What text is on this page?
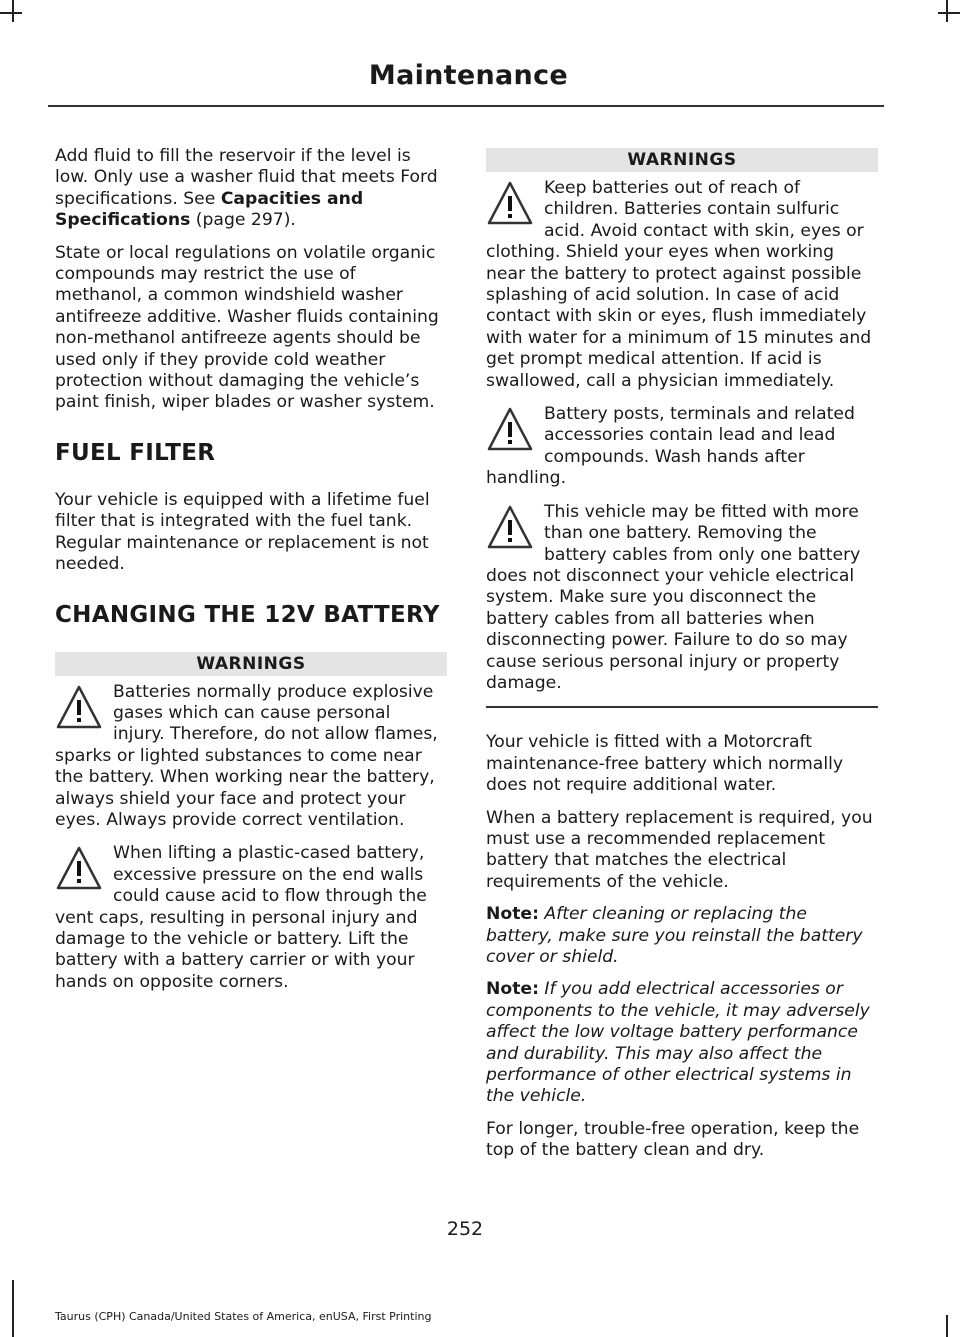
Maintenance

Add fluid to fill the reservoir if the level is low. Only use a washer fluid that meets Ford specifications. See Capacities and Specifications (page 297).

State or local regulations on volatile organic compounds may restrict the use of methanol, a common windshield washer antifreeze additive. Washer fluids containing non-methanol antifreeze agents should be used only if they provide cold weather protection without damaging the vehicle’s paint finish, wiper blades or washer system.

FUEL FILTER

Your vehicle is equipped with a lifetime fuel filter that is integrated with the fuel tank. Regular maintenance or replacement is not needed.

CHANGING THE 12V BATTERY
WARNINGS
Batteries normally produce explosive gases which can cause personal injury. Therefore, do not allow flames, sparks or lighted substances to come near the battery. When working near the battery, always shield your face and protect your eyes. Always provide correct ventilation.
When lifting a plastic-cased battery, excessive pressure on the end walls could cause acid to flow through the vent caps, resulting in personal injury and damage to the vehicle or battery. Lift the battery with a battery carrier or with your hands on opposite corners.
WARNINGS
Keep batteries out of reach of children. Batteries contain sulfuric acid. Avoid contact with skin, eyes or clothing. Shield your eyes when working near the battery to protect against possible splashing of acid solution. In case of acid contact with skin or eyes, flush immediately with water for a minimum of 15 minutes and get prompt medical attention. If acid is swallowed, call a physician immediately.
Battery posts, terminals and related accessories contain lead and lead compounds. Wash hands after handling.
This vehicle may be fitted with more than one battery. Removing the battery cables from only one battery does not disconnect your vehicle electrical system. Make sure you disconnect the battery cables from all batteries when disconnecting power. Failure to do so may cause serious personal injury or property damage.

Your vehicle is fitted with a Motorcraft maintenance-free battery which normally does not require additional water.

When a battery replacement is required, you must use a recommended replacement battery that matches the electrical requirements of the vehicle.

Note: After cleaning or replacing the battery, make sure you reinstall the battery cover or shield.

Note: If you add electrical accessories or components to the vehicle, it may adversely affect the low voltage battery performance and durability. This may also affect the performance of other electrical systems in the vehicle.

For longer, trouble-free operation, keep the top of the battery clean and dry.

252
Taurus (CPH) Canada/United States of America, enUSA, First Printing
